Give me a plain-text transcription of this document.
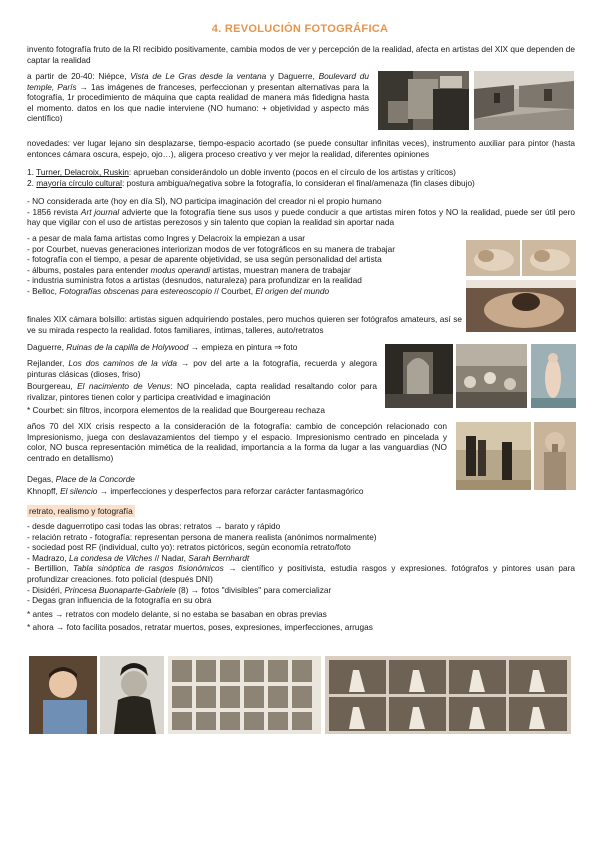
4. REVOLUCIÓN FOTOGRÁFICA

invento fotografía fruto de la RI recibido positivamente, cambia modos de ver y percepción de la realidad, afecta en artistas del XIX que dependen de captar la realidad

a partir de 20-40: Niépce, Vista de Le Gras desde la ventana y Daguerre, Boulevard du temple, París → 1as imágenes de franceses, perfeccionan y presentan alternativas para la fotografía, 1r procedimiento de máquina que capta realidad de manera más fidedigna hasta el momento. datos en los que nadie interviene (NO humano: + objetividad y aspecto más científico)

novedades: ver lugar lejano sin desplazarse, tiempo-espacio acortado (se puede consultar infinitas veces), instrumento auxiliar para pintor (hasta entonces cámara oscura, espejo, ojo…), aligera proceso creativo y ver mejor la realidad, diferentes opiniones

1. Turner, Delacroix, Ruskin: aprueban considerándolo un doble invento (pocos en el círculo de los artistas y críticos)

2. mayoría círculo cultural: postura ambigua/negativa sobre la fotografía, lo consideran el final/amenaza (fin clases dibujo)

- NO considerada arte (hoy en día SÍ), NO participa imaginación del creador ni el propio humano

- 1856 revista Art journal advierte que la fotografía tiene sus usos y puede conducir a que artistas miren fotos y NO la realidad, puede ser útil pero hay que vigilar con el uso de artistas perezosos y sin talento que copian la realidad sin aportar nada

- a pesar de mala fama artistas como Ingres y Delacroix la empiezan a usar

- por Courbet, nuevas generaciones interiorizan modos de ver fotográficos en su manera de trabajar

- fotografía con el tiempo, a pesar de aparente objetividad, se usa según personalidad del artista

- álbums, postales para entender modus operandi artistas, muestran manera de trabajar

- industria suministra fotos a artistas (desnudos, naturaleza) para profundizar en la realidad

- Belloc, Fotografías obscenas para estereoscopio // Courbet, El origen del mundo

finales XIX cámara bolsillo: artistas siguen adquiriendo postales, pero muchos quieren ser fotógrafos amateurs, así se ve su mirada respecto la realidad. fotos familiares, íntimas, talleres, auto/retratos

Daguerre, Ruinas de la capilla de Holywood → empieza en pintura ⇒ foto

Rejlander, Los dos caminos de la vida → pov del arte a la fotografía, recuerda y alegora pinturas clásicas (dioses, friso)

Bourgereau, El nacimiento de Venus: NO pincelada, capta realidad resaltando color para rivalizar, pintores tienen color y participa creatividad e imaginación

* Courbet: sin filtros, incorpora elementos de la realidad que Bourgereau rechaza

años 70 del XIX crisis respecto a la consideración de la fotografía: cambio de concepción relacionado con Impresionismo, juega con deslavazamientos del tiempo y el espacio. Impresionismo centrado en pincelada y color, NO busca representación mimética de la realidad, importancia a la forma da lugar a las vanguardias (NO centrado en detallismo)

Degas, Place de la Concorde

Khnopff, El silencio → imperfecciones y desperfectos para reforzar carácter fantasmagórico

retrato, realismo y fotografía

- desde daguerrotipo casi todas las obras: retratos → barato y rápido

- relación retrato - fotografía: representan persona de manera realista (anónimos normalmente)

- sociedad post RF (individual, culto yo): retratos pictóricos, según economía retrato/foto

- Madrazo, La condesa de Vilches // Nadar, Sarah Bernhardt

- Bertillion, Tabla sinóptica de rasgos fisionómicos → científico y positivista, estudia rasgos y expresiones. fotógrafos y pintores usan para profundizar creaciones. foto policial (después DNI)

- Disidéri, Princesa Buonaparte-Gabriele (8) → fotos "divisibles" para comercializar

- Degas gran influencia de la fotografía en su obra

* antes → retratos con modelo delante, si no estaba se basaban en obras previas

* ahora → foto facilita posados, retratar muertos, poses, expresiones, imperfecciones, arrugas
